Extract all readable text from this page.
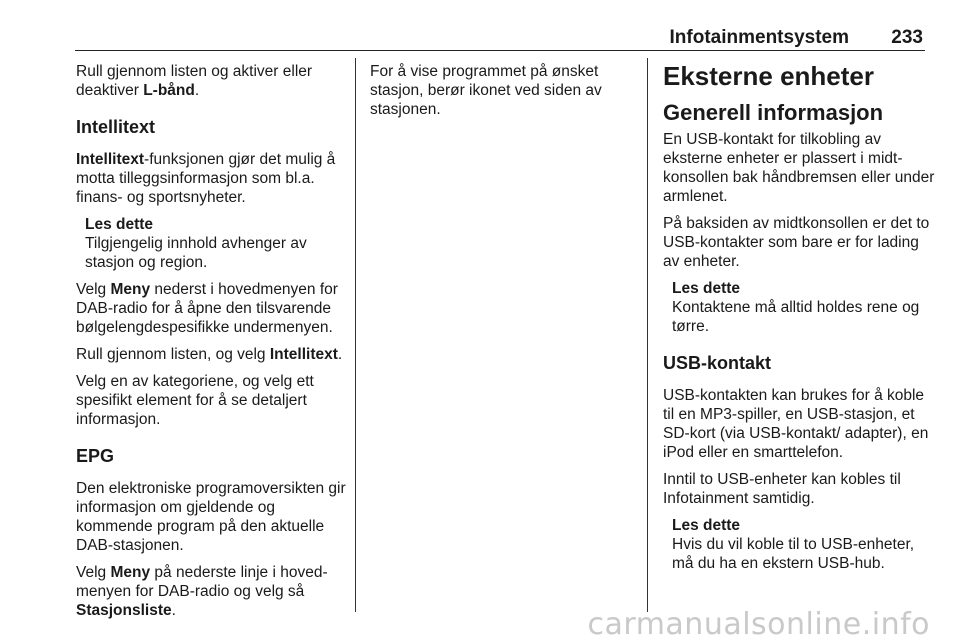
Infotainmentsystem 233

Rull gjennom listen og aktiver eller deaktiver L-bånd.

Intellitext

Intellitext-funksjonen gjør det mulig å motta tilleggsinformasjon som bl.a. finans- og sportsnyheter.

Les dette
Tilgjengelig innhold avhenger av stasjon og region.

Velg Meny nederst i hovedmenyen for DAB-radio for å åpne den tilsvarende bølgelengdespesifikke undermenyen.

Rull gjennom listen, og velg Intellitext.

Velg en av kategoriene, og velg ett spesifikt element for å se detaljert informasjon.

EPG

Den elektroniske programoversikten gir informasjon om gjeldende og kommende program på den aktuelle DAB-stasjonen.

Velg Meny på nederste linje i hovedmenyen for DAB-radio og velg så Stasjonsliste.

For å vise programmet på ønsket stasjon, berør ikonet ved siden av stasjonen.

Eksterne enheter
Generell informasjon

En USB-kontakt for tilkobling av eksterne enheter er plassert i midtkonsollen bak håndbremsen eller under armlenet.

På baksiden av midtkonsollen er det to USB-kontakter som bare er for lading av enheter.

Les dette
Kontaktene må alltid holdes rene og tørre.
USB-kontakt

USB-kontakten kan brukes for å koble til en MP3-spiller, en USB-stasjon, et SD-kort (via USB-kontakt/ adapter), en iPod eller en smarttelefon.

Inntil to USB-enheter kan kobles til Infotainment samtidig.

Les dette
Hvis du vil koble til to USB-enheter, må du ha en ekstern USB-hub.
carmanualsonline.info
